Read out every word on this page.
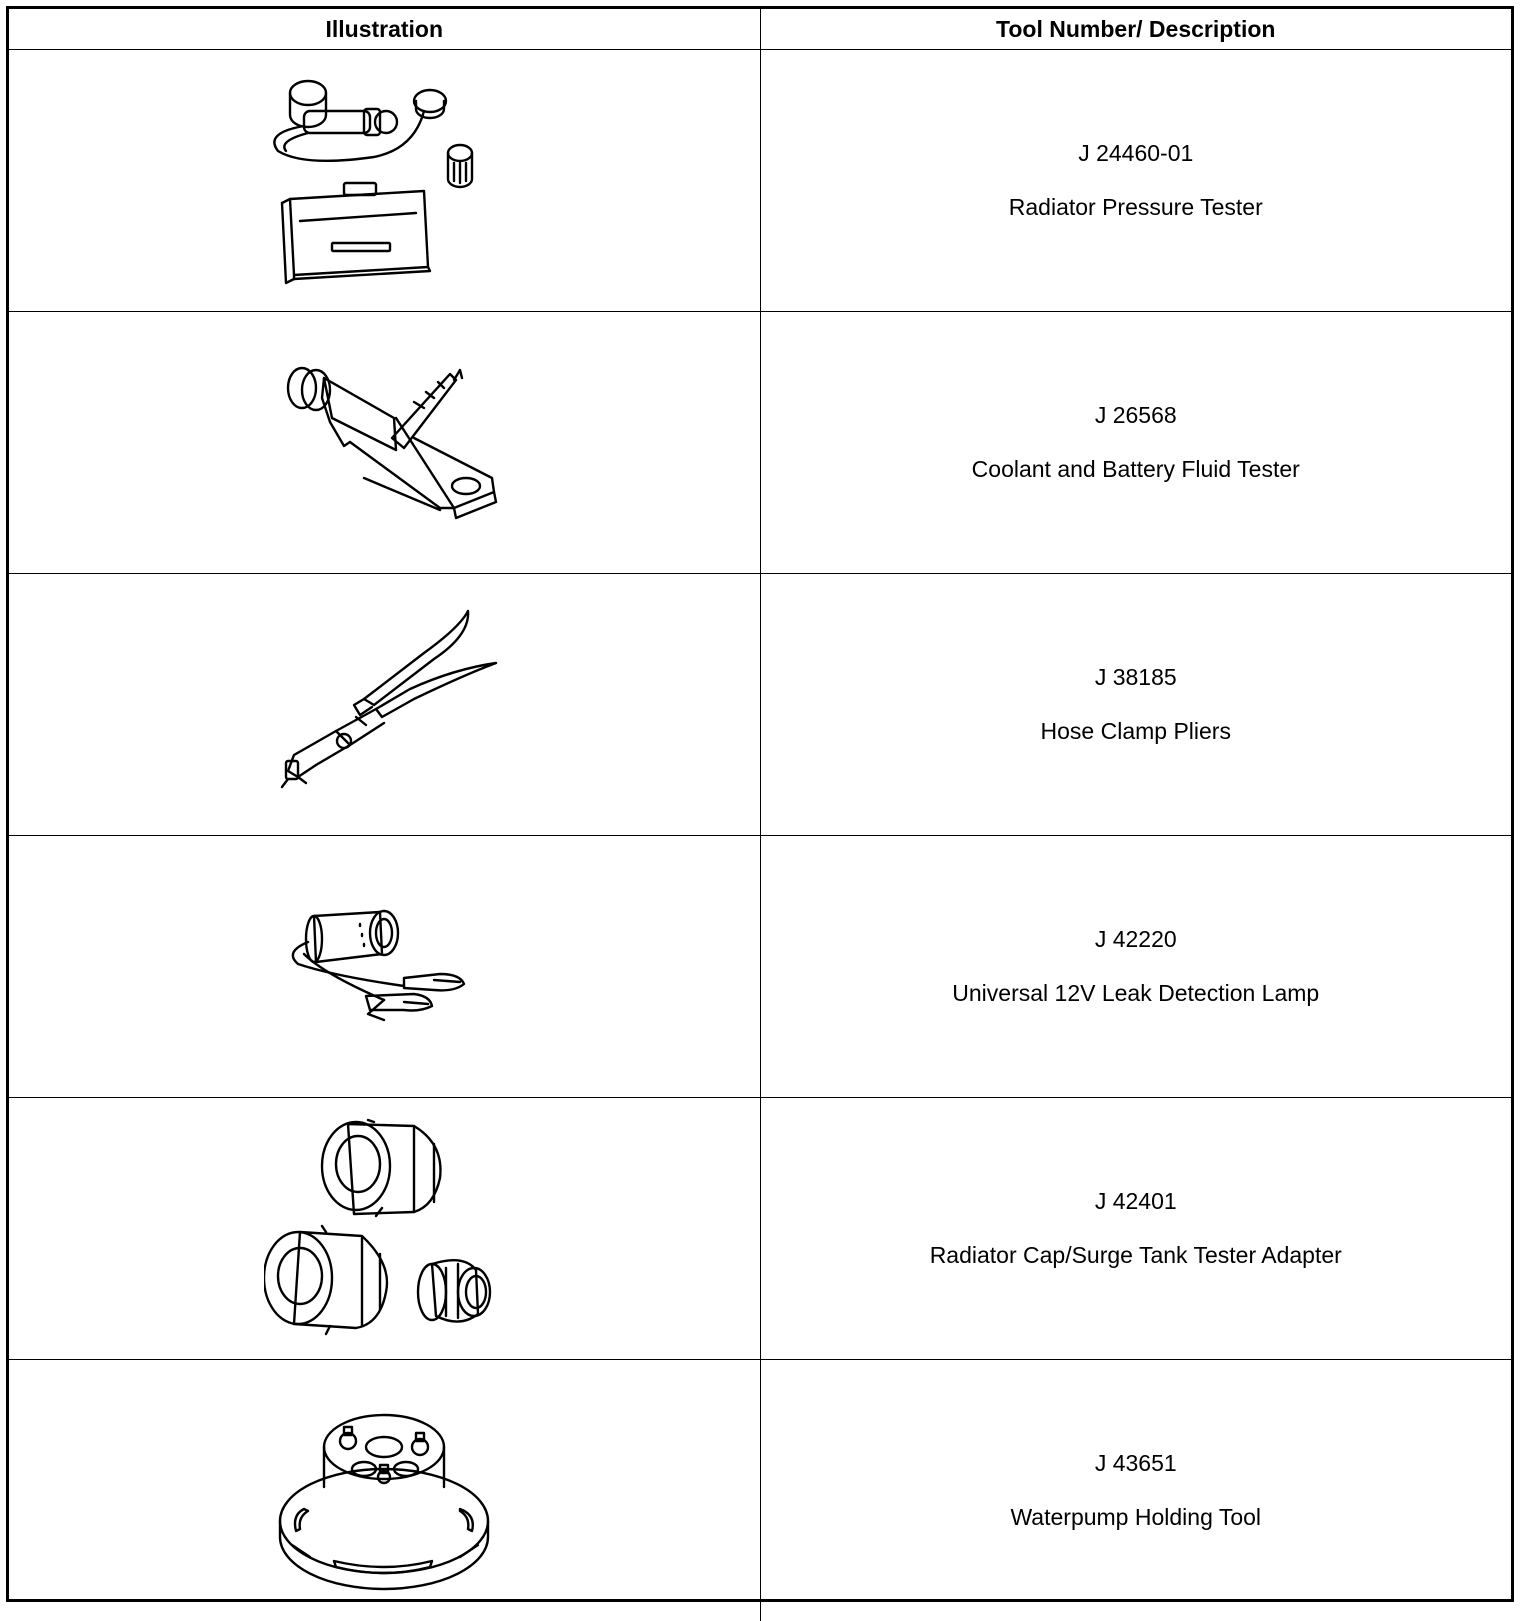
Illustration	Tool Number/ Description

J 24460-01
Radiator Pressure Tester

J 26568
Coolant and Battery Fluid Tester

J 38185
Hose Clamp Pliers

J 42220
Universal 12V Leak Detection Lamp

J 42401
Radiator Cap/Surge Tank Tester Adapter

J 43651
Waterpump Holding Tool
